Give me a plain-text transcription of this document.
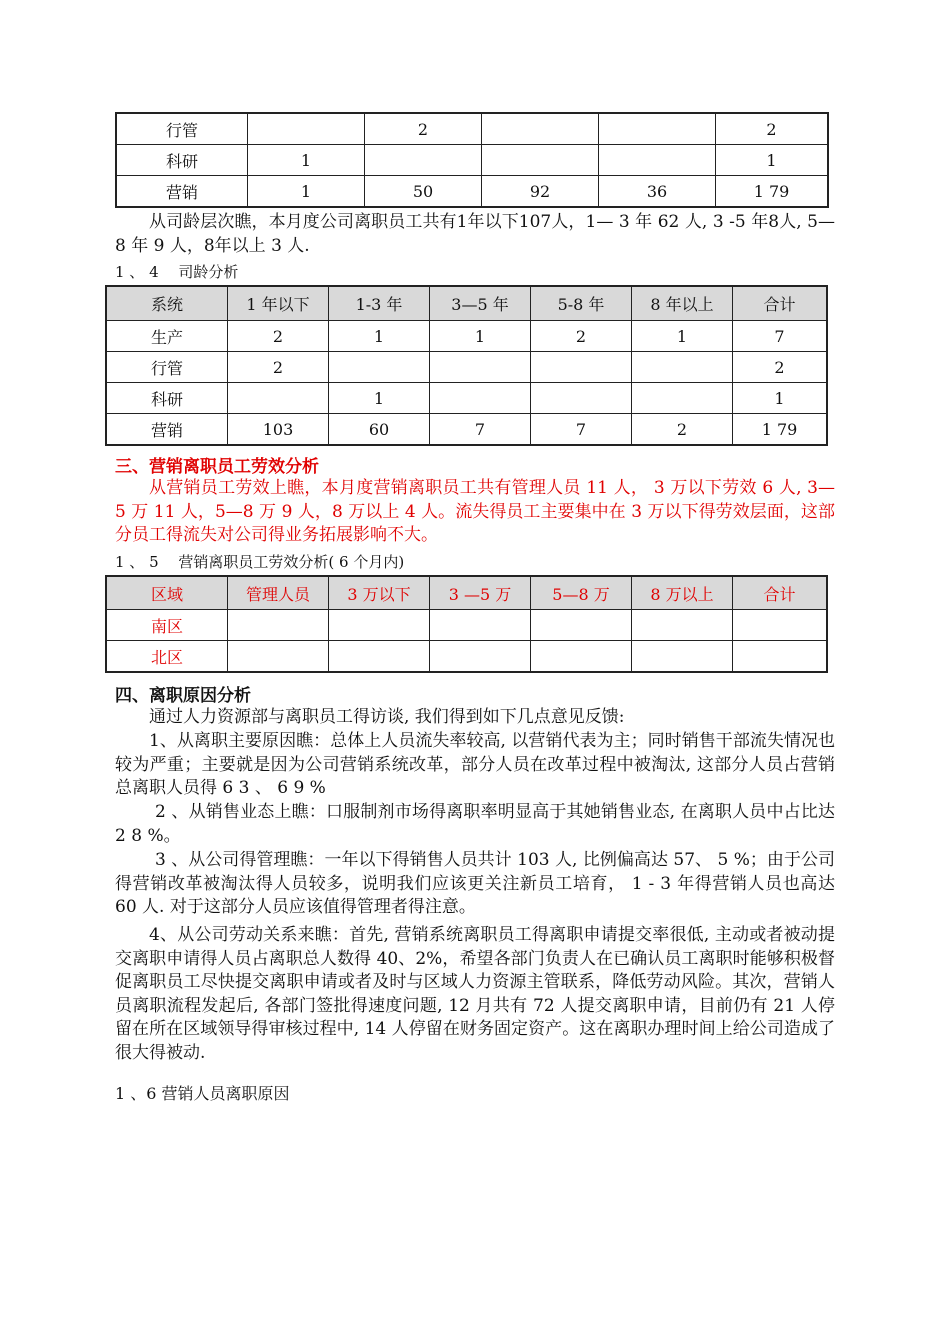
行管		2			2
科研	1				1
营销	1	50	92	36	1 79

从司龄层次瞧，本月度公司离职员工共有1年以下107人，1— 3 年 62 人, 3 -5 年8人, 5—8 年 9 人，8年以上 3 人.

1 、 4 　司龄分析

系统	1 年以下	1-3 年	3—5 年	5-8 年	8 年以上	合计
生产	2	1	1	2	1	7
行管	2					2
科研		1				1
营销	103	60	7	7	2	1 79

三、营销离职员工劳效分析

从营销员工劳效上瞧，本月度营销离职员工共有管理人员 11 人， 3 万以下劳效 6 人, 3—5 万 11 人，5—8 万 9 人，8 万以上 4 人。流失得员工主要集中在 3 万以下得劳效层面，这部分员工得流失对公司得业务拓展影响不大。

1 、 5 　营销离职员工劳效分析( 6 个月内)

区域	管理人员	3 万以下	3 —5 万	5—8 万	8 万以上	合计
南区						
北区						

四、离职原因分析

通过人力资源部与离职员工得访谈, 我们得到如下几点意见反馈:

1、从离职主要原因瞧：总体上人员流失率较高, 以营销代表为主；同时销售干部流失情况也较为严重；主要就是因为公司营销系统改革，部分人员在改革过程中被淘汰, 这部分人员占营销总离职人员得 6 3 、 6 9 %

2 、从销售业态上瞧：口服制剂市场得离职率明显高于其她销售业态, 在离职人员中占比达 2 8 %。

3 、从公司得管理瞧：一年以下得销售人员共计 103 人, 比例偏高达 57、 5 %；由于公司得营销改革被淘汰得人员较多，说明我们应该更关注新员工培育， 1 - 3 年得营销人员也高达 60 人. 对于这部分人员应该值得管理者得注意。

4、从公司劳动关系来瞧：首先, 营销系统离职员工得离职申请提交率很低, 主动或者被动提交离职申请得人员占离职总人数得 40、2%，希望各部门负责人在已确认员工离职时能够积极督促离职员工尽快提交离职申请或者及时与区域人力资源主管联系，降低劳动风险。其次，营销人员离职流程发起后, 各部门签批得速度问题, 12 月共有 72 人提交离职申请，目前仍有 21 人停留在所在区域领导得审核过程中, 14 人停留在财务固定资产。这在离职办理时间上给公司造成了很大得被动.

1 、6 营销人员离职原因
